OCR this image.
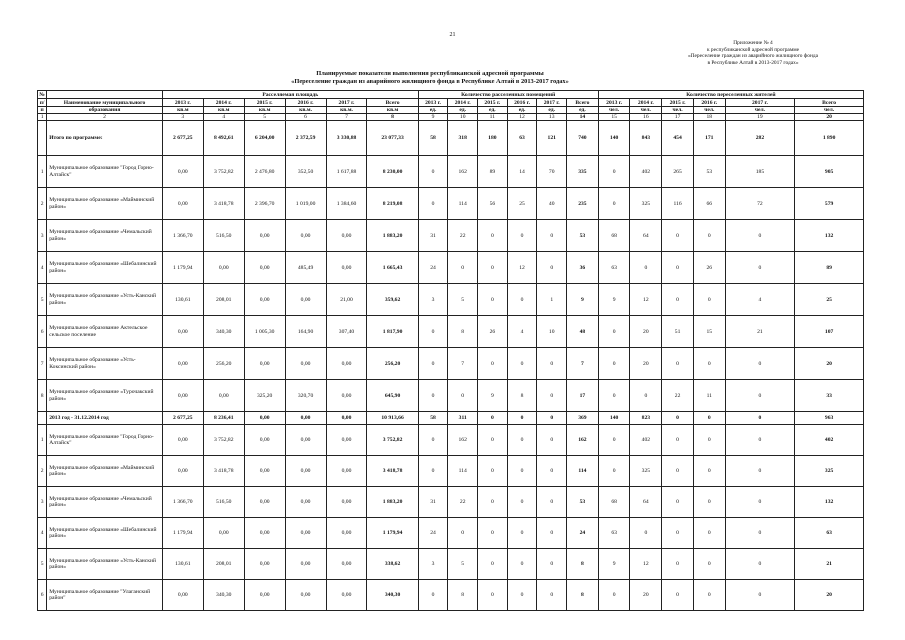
21
Приложение № 4
к республиканской адресной программе
«Переселение граждан из аварийного жилищного фонда
в Республике Алтай в 2013-2017 годах»
Планируемые показатели выполнения республиканской адресной программы
«Переселение граждан из аварийного жилищного фонда в Республике Алтай в 2013-2017 годах»
№		Расселяемая площадь						Количество расселенных помещений						Количество переселенных жителей					
п/	Наименование муниципального	2013 г.	2014 г.	2015 г.	2016 г.	2017 г.	Всего	2013 г.	2014 г.	2015 г.	2016 г.	2017 г.	Всего	2013 г.	2014 г.	2015 г.	2016 г.	2017 г.	Всего
п	образования	кв.м	кв.м	кв.м	кв.м.	кв.м.	кв.м	ед.	ед.	ед.	ед.	ед.	ед.	чел.	чел.	чел.	чел.	чел.	чел.
1	2	3	4	5	6	7	8	9	10	11	12	13	14	15	16	17	18	19	20
	Итого по программе:	2 677,25	8 492,61	6 204,00	2 372,59	3 330,88	23 077,33	58	318	180	63	121	740	140	843	454	171	282	1 890
1	Муниципальное образование "Город Горно-Алтайск"	0,00	3 752,82	2 476,80	352,50	1 617,88	8 230,00	0	162	89	14	70	335	0	402	265	53	185	905
2	Муниципальное образование «Майминский район»	0,00	3 418,78	2 396,70	1 019,00	1 384,60	8 219,08	0	114	56	25	40	235	0	325	116	66	72	579
3	Муниципальное образование «Чемальский район»	1 366,70	516,50	0,00	0,00	0,00	1 883,20	31	22	0	0	0	53	68	64	0	0	0	132
4	Муниципальное образование «Шебалинский район»	1 179,94	0,00	0,00	485,49	0,00	1 665,43	24	0	0	12	0	36	63	0	0	26	0	89
5	Муниципальное образование «Усть-Канский район»	130,61	208,01	0,00	0,00	21,00	359,62	3	5	0	0	1	9	9	12	0	0	4	25
6	Муниципальное образование Актельское сельское поселение	0,00	340,30	1 005,30	164,90	307,40	1 817,90	0	8	26	4	10	48	0	20	51	15	21	107
7	Муниципальное образование «Усть-Коксинский район»	0,00	256,20	0,00	0,00	0,00	256,20	0	7	0	0	0	7	0	20	0	0	0	20
8	Муниципальное образование «Турочакский район»	0,00	0,00	325,20	320,70	0,00	645,90	0	0	9	8	0	17	0	0	22	11	0	33
	2013 год - 31.12.2014 год	2 677,25	8 236,41	0,00	0,00	0,00	10 913,66	58	311	0	0	0	369	140	823	0	0	0	963
1	Муниципальное образование "Город Горно-Алтайск"	0,00	3 752,82	0,00	0,00	0,00	3 752,82	0	162	0	0	0	162	0	402	0	0	0	402
2	Муниципальное образование «Майминский район»	0,00	3 418,78	0,00	0,00	0,00	3 418,78	0	114	0	0	0	114	0	325	0	0	0	325
3	Муниципальное образование «Чемальский район»	1 366,70	516,50	0,00	0,00	0,00	1 883,20	31	22	0	0	0	53	68	64	0	0	0	132
4	Муниципальное образование «Шебалинский район»	1 179,94	0,00	0,00	0,00	0,00	1 179,94	24	0	0	0	0	24	63	0	0	0	0	63
5	Муниципальное образование «Усть-Канский район»	130,61	208,01	0,00	0,00	0,00	338,62	3	5	0	0	0	8	9	12	0	0	0	21
6	Муниципальное образование "Улаганский район"	0,00	340,30	0,00	0,00	0,00	340,30	0	8	0	0	0	8	0	20	0	0	0	20
